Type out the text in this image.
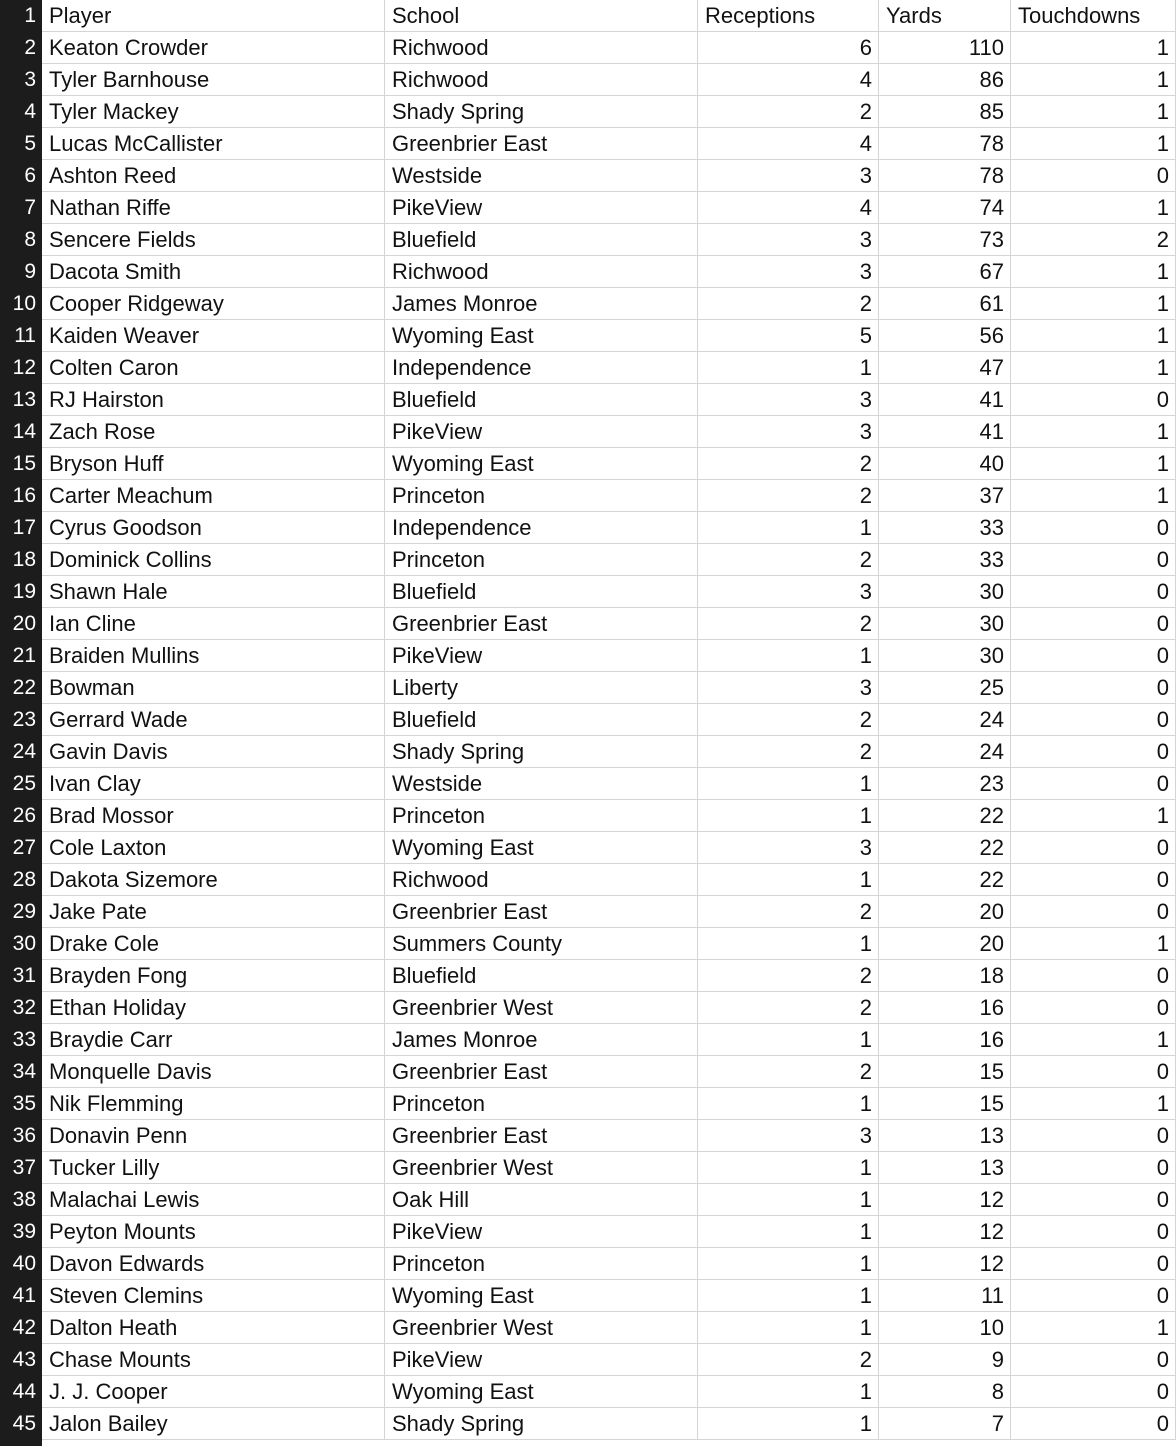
1 Player	School	Receptions	Yards	Touchdowns
2 Keaton Crowder	Richwood	6	110	1
3 Tyler Barnhouse	Richwood	4	86	1
4 Tyler Mackey	Shady Spring	2	85	1
5 Lucas McCallister	Greenbrier East	4	78	1
6 Ashton Reed	Westside	3	78	0
7 Nathan Riffe	PikeView	4	74	1
8 Sencere Fields	Bluefield	3	73	2
9 Dacota Smith	Richwood	3	67	1
10 Cooper Ridgeway	James Monroe	2	61	1
11 Kaiden Weaver	Wyoming East	5	56	1
12 Colten Caron	Independence	1	47	1
13 RJ Hairston	Bluefield	3	41	0
14 Zach Rose	PikeView	3	41	1
15 Bryson Huff	Wyoming East	2	40	1
16 Carter Meachum	Princeton	2	37	1
17 Cyrus Goodson	Independence	1	33	0
18 Dominick Collins	Princeton	2	33	0
19 Shawn Hale	Bluefield	3	30	0
20 Ian Cline	Greenbrier East	2	30	0
21 Braiden Mullins	PikeView	1	30	0
22 Bowman	Liberty	3	25	0
23 Gerrard Wade	Bluefield	2	24	0
24 Gavin Davis	Shady Spring	2	24	0
25 Ivan Clay	Westside	1	23	0
26 Brad Mossor	Princeton	1	22	1
27 Cole Laxton	Wyoming East	3	22	0
28 Dakota Sizemore	Richwood	1	22	0
29 Jake Pate	Greenbrier East	2	20	0
30 Drake Cole	Summers County	1	20	1
31 Brayden Fong	Bluefield	2	18	0
32 Ethan Holiday	Greenbrier West	2	16	0
33 Braydie Carr	James Monroe	1	16	1
34 Monquelle Davis	Greenbrier East	2	15	0
35 Nik Flemming	Princeton	1	15	1
36 Donavin Penn	Greenbrier East	3	13	0
37 Tucker Lilly	Greenbrier West	1	13	0
38 Malachai Lewis	Oak Hill	1	12	0
39 Peyton Mounts	PikeView	1	12	0
40 Davon Edwards	Princeton	1	12	0
41 Steven Clemins	Wyoming East	1	11	0
42 Dalton Heath	Greenbrier West	1	10	1
43 Chase Mounts	PikeView	2	9	0
44 J. J. Cooper	Wyoming East	1	8	0
45 Jalon Bailey	Shady Spring	1	7	0
